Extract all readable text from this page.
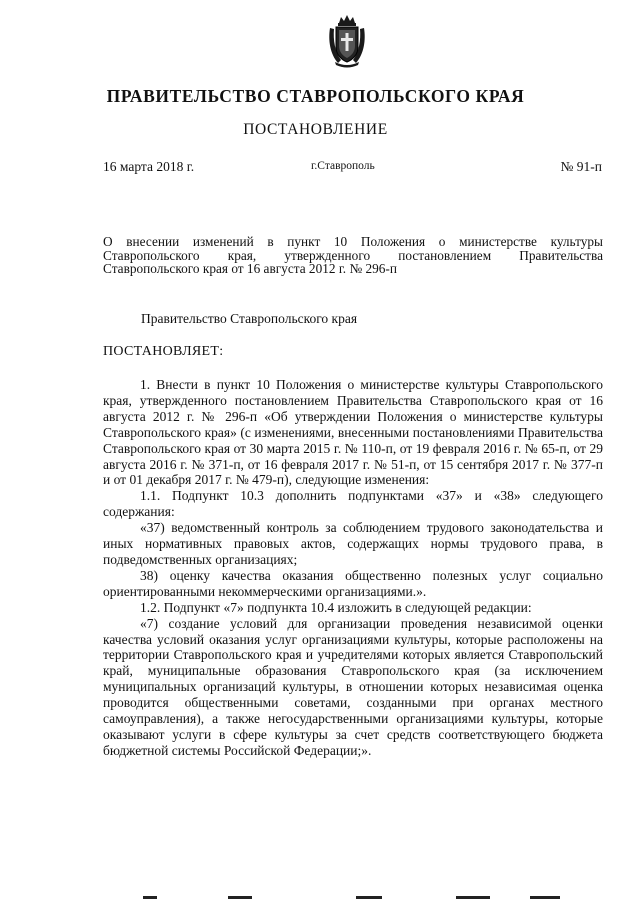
ПРАВИТЕЛЬСТВО СТАВРОПОЛЬСКОГО КРАЯ
ПОСТАНОВЛЕНИЕ
16 марта 2018 г.	г.Ставрополь	№ 91-п
О внесении изменений в пункт 10 Положения о министерстве культуры Ставропольского края, утвержденного постановлением Правительства Ставропольского края от 16 августа 2012 г. № 296-п
Правительство Ставропольского края
ПОСТАНОВЛЯЕТ:

1. Внести в пункт 10 Положения о министерстве культуры Ставропольского края, утвержденного постановлением Правительства Ставропольского края от 16 августа 2012 г. № 296-п «Об утверждении Положения о министерстве культуры Ставропольского края» (с изменениями, внесенными постановлениями Правительства Ставропольского края от 30 марта 2015 г. № 110-п, от 19 февраля 2016 г. № 65-п, от 29 августа 2016 г. № 371-п, от 16 февраля 2017 г. № 51-п, от 15 сентября 2017 г. № 377-п и от 01 декабря 2017 г. № 479-п), следующие изменения:

1.1. Подпункт 10.3 дополнить подпунктами «37» и «38» следующего содержания:

«37) ведомственный контроль за соблюдением трудового законодательства и иных нормативных правовых актов, содержащих нормы трудового права, в подведомственных организациях;

38) оценку качества оказания общественно полезных услуг социально ориентированными некоммерческими организациями.».

1.2. Подпункт «7» подпункта 10.4 изложить в следующей редакции:

«7) создание условий для организации проведения независимой оценки качества условий оказания услуг организациями культуры, которые расположены на территории Ставропольского края и учредителями которых является Ставропольский край, муниципальные образования Ставропольского края (за исключением муниципальных организаций культуры, в отношении которых независимая оценка проводится общественными советами, созданными при органах местного самоуправления), а также негосударственными организациями культуры, которые оказывают услуги в сфере культуры за счет средств соответствующего бюджета бюджетной системы Российской Федерации;».
